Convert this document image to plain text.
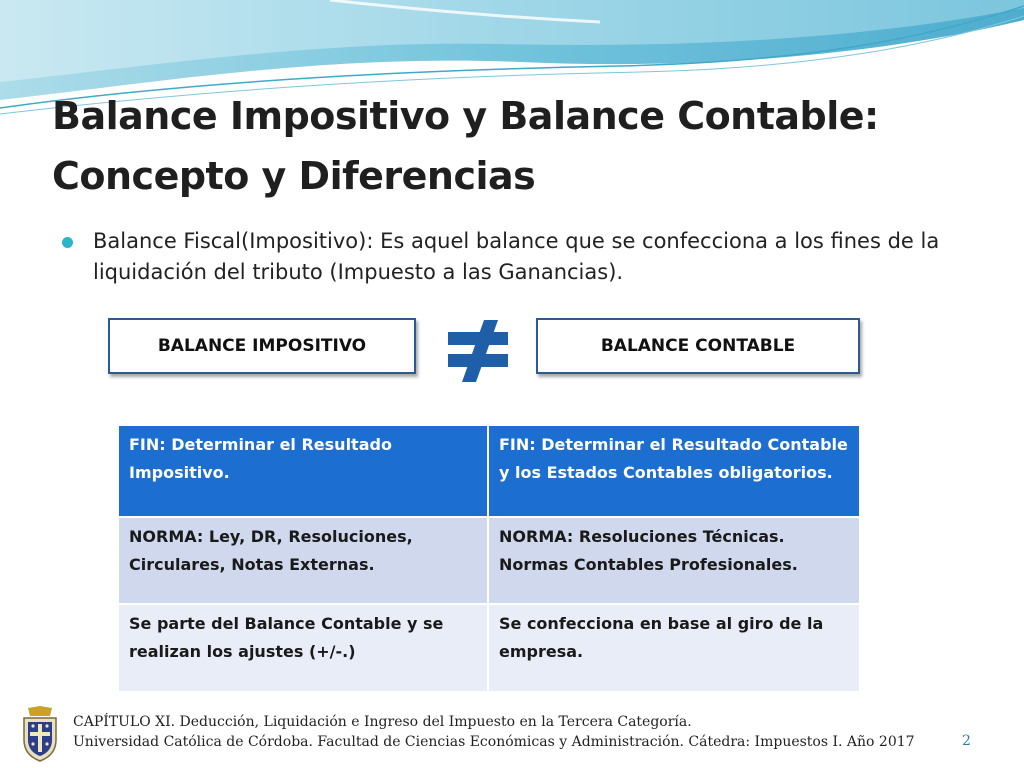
Balance Impositivo y Balance Contable:
Concepto y Diferencias
Balance Fiscal(Impositivo): Es aquel balance que se confecciona a los fines de la liquidación del tributo (Impuesto a las Ganancias).
BALANCE IMPOSITIVO	BALANCE CONTABLE
FIN: Determinar el Resultado Impositivo.	FIN: Determinar el Resultado Contable y los Estados Contables obligatorios.
NORMA: Ley, DR, Resoluciones, Circulares, Notas Externas.	NORMA: Resoluciones Técnicas. Normas Contables Profesionales.
Se parte del Balance Contable y se realizan los ajustes (+/-.)	Se confecciona en base al giro de la empresa.
CAPÍTULO XI. Deducción, Liquidación e Ingreso del Impuesto en la Tercera Categoría.
Universidad Católica de Córdoba. Facultad de Ciencias Económicas y Administración. Cátedra: Impuestos I. Año 2017	2
